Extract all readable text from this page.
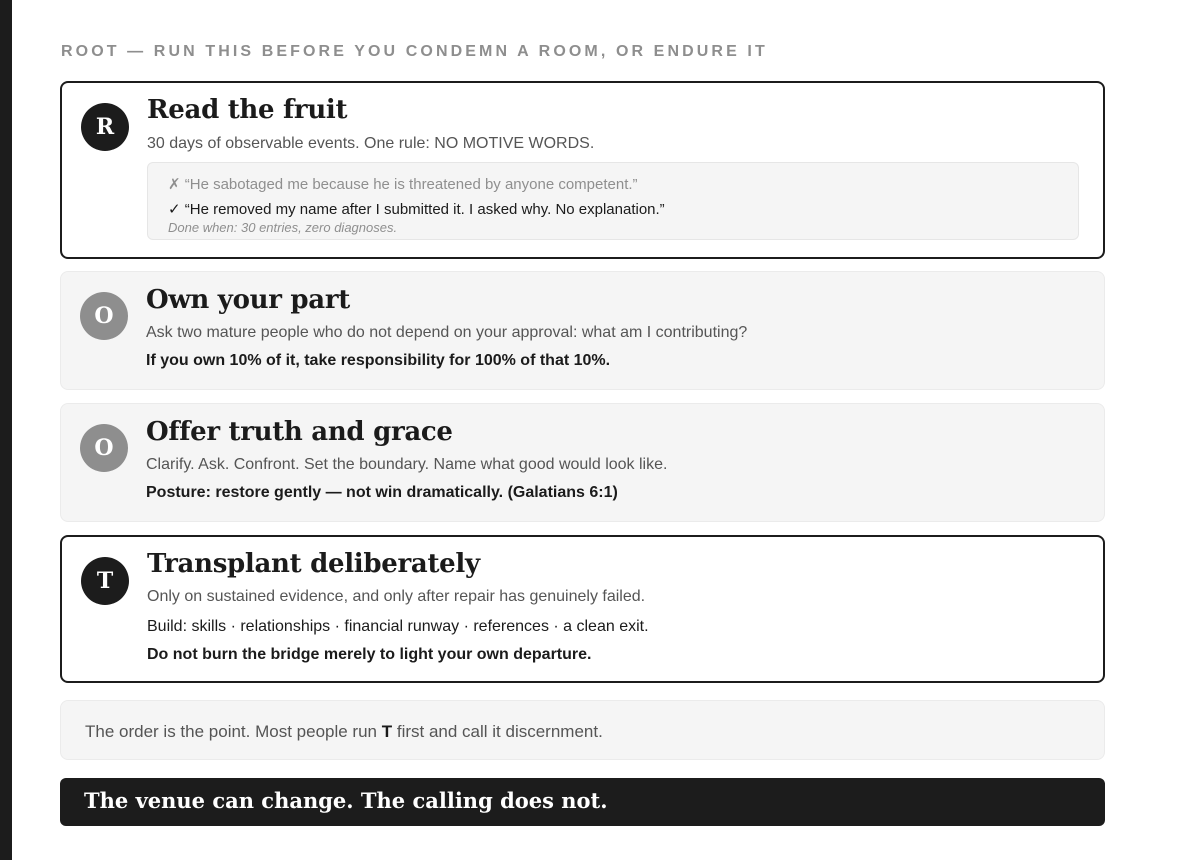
ROOT — RUN THIS BEFORE YOU CONDEMN A ROOM, OR ENDURE IT
R
Read the fruit
30 days of observable events. One rule: NO MOTIVE WORDS.
✗ “He sabotaged me because he is threatened by anyone competent.”
✓ “He removed my name after I submitted it. I asked why. No explanation.”
Done when: 30 entries, zero diagnoses.
O
Own your part
Ask two mature people who do not depend on your approval: what am I contributing?
If you own 10% of it, take responsibility for 100% of that 10%.
O
Offer truth and grace
Clarify. Ask. Confront. Set the boundary. Name what good would look like.
Posture: restore gently — not win dramatically. (Galatians 6:1)
T
Transplant deliberately
Only on sustained evidence, and only after repair has genuinely failed.
Build: skills · relationships · financial runway · references · a clean exit.
Do not burn the bridge merely to light your own departure.
The order is the point. Most people run T first and call it discernment.
The venue can change. The calling does not.
